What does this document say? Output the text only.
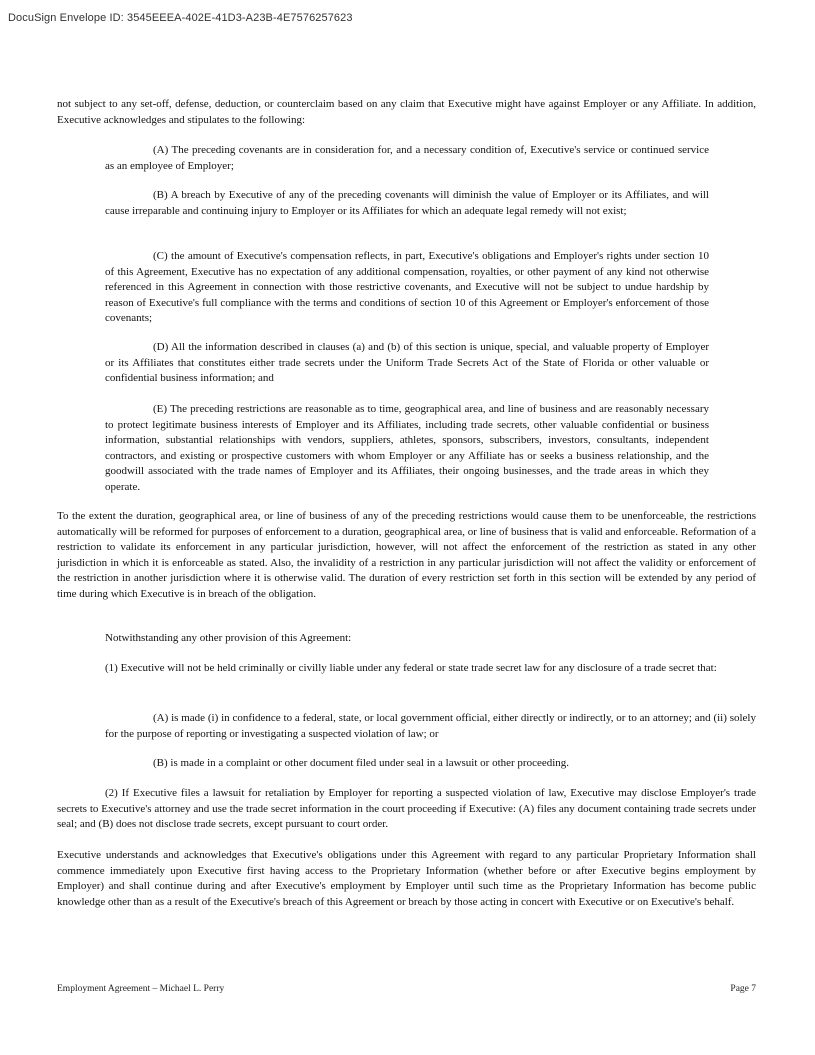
DocuSign Envelope ID: 3545EEEA-402E-41D3-A23B-4E7576257623

not subject to any set-off, defense, deduction, or counterclaim based on any claim that Executive might have against Employer or any Affiliate. In addition, Executive acknowledges and stipulates to the following:

(A) The preceding covenants are in consideration for, and a necessary condition of, Executive's service or continued service as an employee of Employer;

(B) A breach by Executive of any of the preceding covenants will diminish the value of Employer or its Affiliates, and will cause irreparable and continuing injury to Employer or its Affiliates for which an adequate legal remedy will not exist;

(C) the amount of Executive's compensation reflects, in part, Executive's obligations and Employer's rights under section 10 of this Agreement, Executive has no expectation of any additional compensation, royalties, or other payment of any kind not otherwise referenced in this Agreement in connection with those restrictive covenants, and Executive will not be subject to undue hardship by reason of Executive's full compliance with the terms and conditions of section 10 of this Agreement or Employer's enforcement of those covenants;

(D) All the information described in clauses (a) and (b) of this section is unique, special, and valuable property of Employer or its Affiliates that constitutes either trade secrets under the Uniform Trade Secrets Act of the State of Florida or other valuable or confidential business information; and

(E) The preceding restrictions are reasonable as to time, geographical area, and line of business and are reasonably necessary to protect legitimate business interests of Employer and its Affiliates, including trade secrets, other valuable confidential or business information, substantial relationships with vendors, suppliers, athletes, sponsors, subscribers, investors, consultants, independent contractors, and existing or prospective customers with whom Employer or any Affiliate has or seeks a business relationship, and the goodwill associated with the trade names of Employer and its Affiliates, their ongoing businesses, and the trade areas in which they operate.

To the extent the duration, geographical area, or line of business of any of the preceding restrictions would cause them to be unenforceable, the restrictions automatically will be reformed for purposes of enforcement to a duration, geographical area, or line of business that is valid and enforceable. Reformation of a restriction to validate its enforcement in any particular jurisdiction, however, will not affect the enforcement of the restriction as stated in any other jurisdiction in which it is enforceable as stated. Also, the invalidity of a restriction in any particular jurisdiction will not affect the validity or enforcement of the restriction in another jurisdiction where it is otherwise valid. The duration of every restriction set forth in this section will be extended by any period of time during which Executive is in breach of the obligation.

Notwithstanding any other provision of this Agreement:

(1) Executive will not be held criminally or civilly liable under any federal or state trade secret law for any disclosure of a trade secret that:

(A) is made (i) in confidence to a federal, state, or local government official, either directly or indirectly, or to an attorney; and (ii) solely for the purpose of reporting or investigating a suspected violation of law; or

(B) is made in a complaint or other document filed under seal in a lawsuit or other proceeding.

(2) If Executive files a lawsuit for retaliation by Employer for reporting a suspected violation of law, Executive may disclose Employer's trade secrets to Executive's attorney and use the trade secret information in the court proceeding if Executive: (A) files any document containing trade secrets under seal; and (B) does not disclose trade secrets, except pursuant to court order.

Executive understands and acknowledges that Executive's obligations under this Agreement with regard to any particular Proprietary Information shall commence immediately upon Executive first having access to the Proprietary Information (whether before or after Executive begins employment by Employer) and shall continue during and after Executive's employment by Employer until such time as the Proprietary Information has become public knowledge other than as a result of the Executive's breach of this Agreement or breach by those acting in concert with Executive or on Executive's behalf.

Employment Agreement – Michael L. Perry	Page 7
